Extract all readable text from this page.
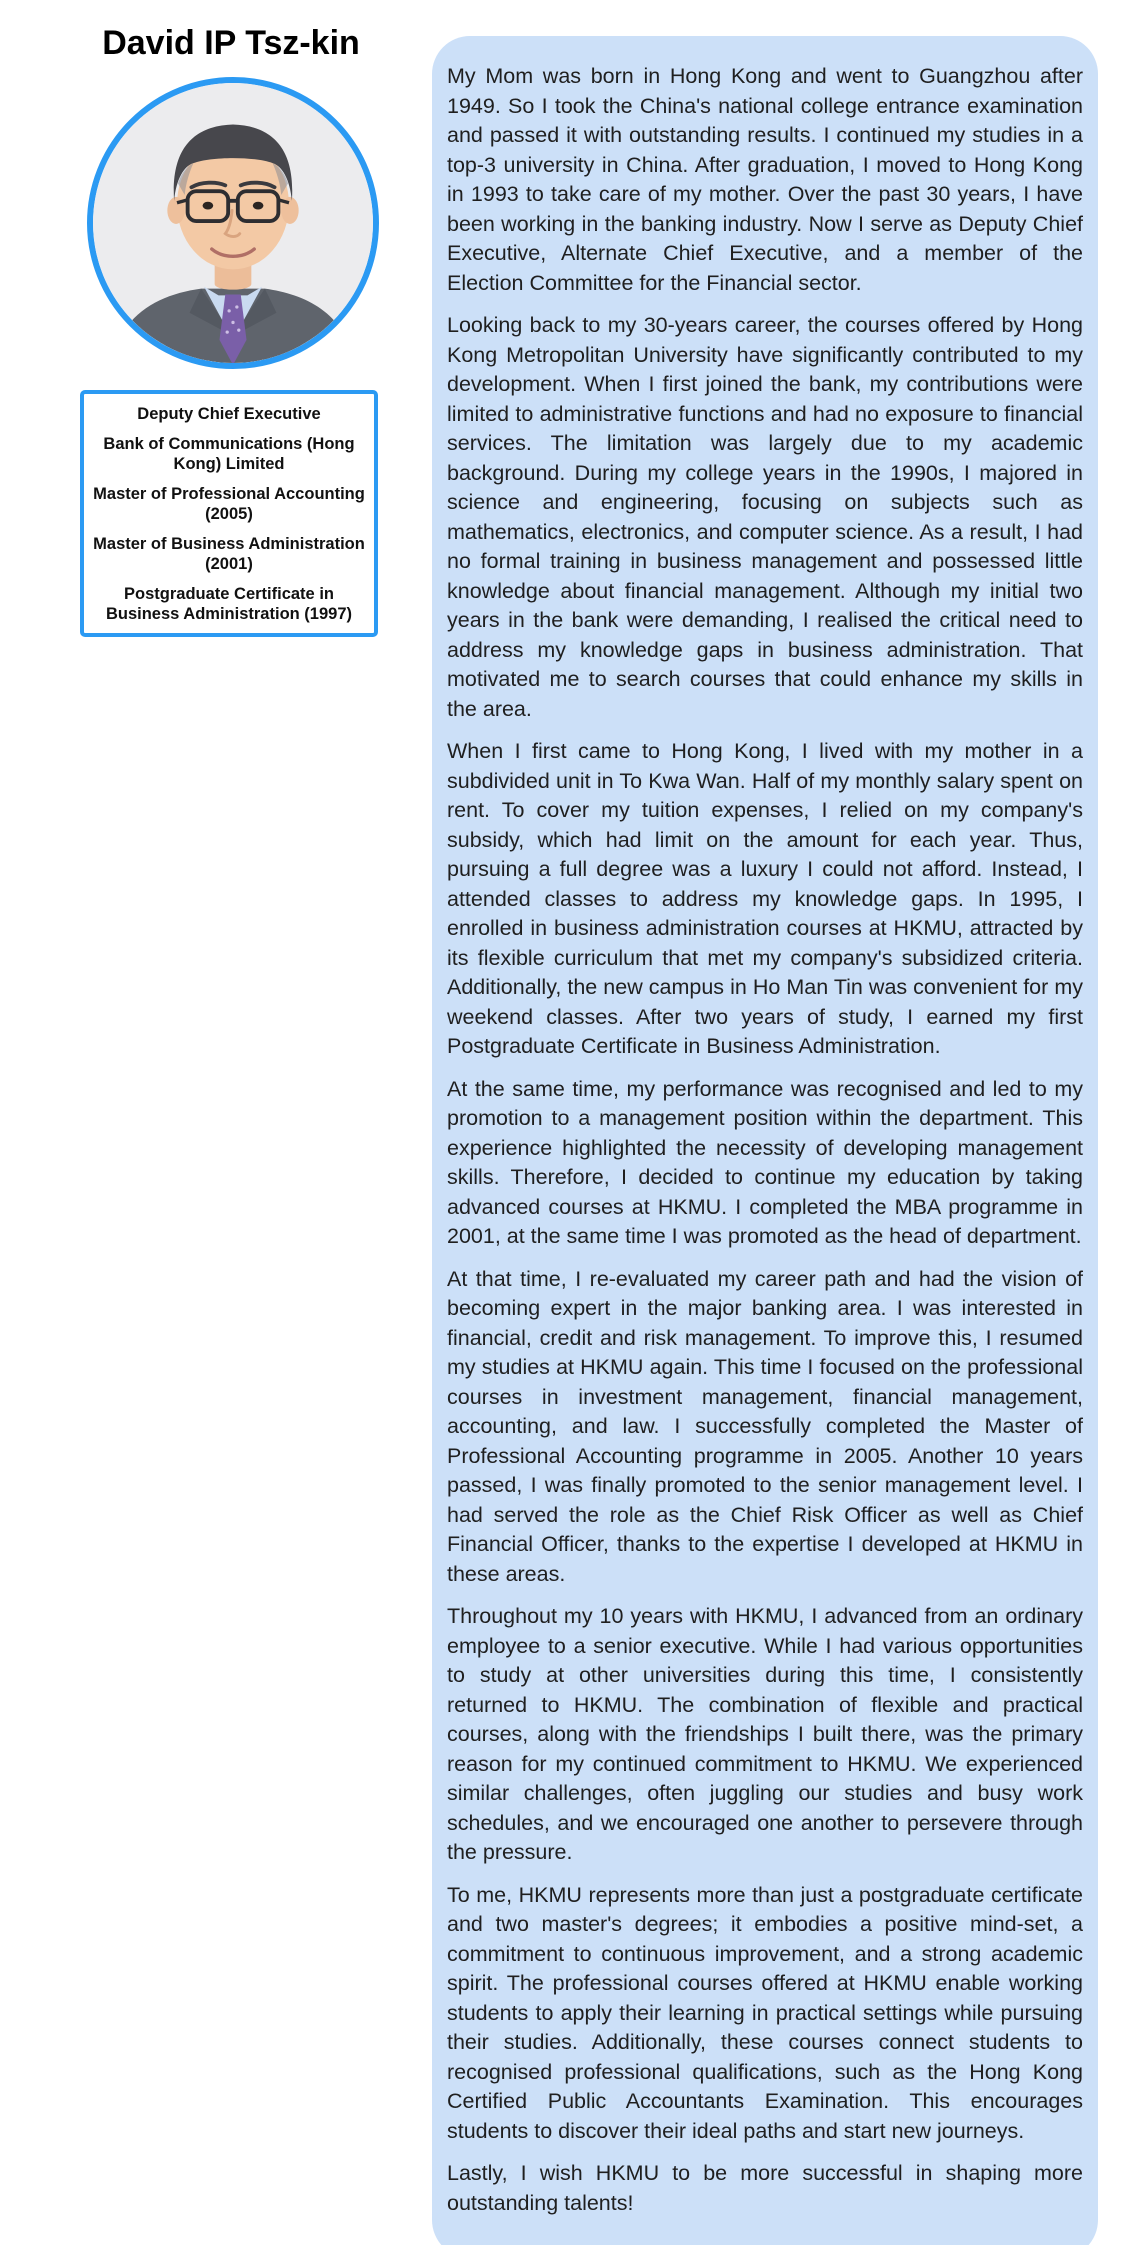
David IP Tsz-kin
Deputy Chief Executive
Bank of Communications (Hong Kong) Limited
Master of Professional Accounting (2005)
Master of Business Administration (2001)
Postgraduate Certificate in Business Administration (1997)

My Mom was born in Hong Kong and went to Guangzhou after 1949. So I took the China's national college entrance examination and passed it with outstanding results. I continued my studies in a top-3 university in China. After graduation, I moved to Hong Kong in 1993 to take care of my mother. Over the past 30 years, I have been working in the banking industry. Now I serve as Deputy Chief Executive, Alternate Chief Executive, and a member of the Election Committee for the Financial sector.

Looking back to my 30-years career, the courses offered by Hong Kong Metropolitan University have significantly contributed to my development. When I first joined the bank, my contributions were limited to administrative functions and had no exposure to financial services. The limitation was largely due to my academic background. During my college years in the 1990s, I majored in science and engineering, focusing on subjects such as mathematics, electronics, and computer science. As a result, I had no formal training in business management and possessed little knowledge about financial management. Although my initial two years in the bank were demanding, I realised the critical need to address my knowledge gaps in business administration. That motivated me to search courses that could enhance my skills in the area.

When I first came to Hong Kong, I lived with my mother in a subdivided unit in To Kwa Wan. Half of my monthly salary spent on rent. To cover my tuition expenses, I relied on my company's subsidy, which had limit on the amount for each year. Thus, pursuing a full degree was a luxury I could not afford. Instead, I attended classes to address my knowledge gaps. In 1995, I enrolled in business administration courses at HKMU, attracted by its flexible curriculum that met my company's subsidized criteria. Additionally, the new campus in Ho Man Tin was convenient for my weekend classes. After two years of study, I earned my first Postgraduate Certificate in Business Administration.

At the same time, my performance was recognised and led to my promotion to a management position within the department. This experience highlighted the necessity of developing management skills. Therefore, I decided to continue my education by taking advanced courses at HKMU. I completed the MBA programme in 2001, at the same time I was promoted as the head of department.

At that time, I re-evaluated my career path and had the vision of becoming expert in the major banking area. I was interested in financial, credit and risk management. To improve this, I resumed my studies at HKMU again. This time I focused on the professional courses in investment management, financial management, accounting, and law. I successfully completed the Master of Professional Accounting programme in 2005. Another 10 years passed, I was finally promoted to the senior management level. I had served the role as the Chief Risk Officer as well as Chief Financial Officer, thanks to the expertise I developed at HKMU in these areas.

Throughout my 10 years with HKMU, I advanced from an ordinary employee to a senior executive. While I had various opportunities to study at other universities during this time, I consistently returned to HKMU. The combination of flexible and practical courses, along with the friendships I built there, was the primary reason for my continued commitment to HKMU. We experienced similar challenges, often juggling our studies and busy work schedules, and we encouraged one another to persevere through the pressure.

To me, HKMU represents more than just a postgraduate certificate and two master's degrees; it embodies a positive mind-set, a commitment to continuous improvement, and a strong academic spirit. The professional courses offered at HKMU enable working students to apply their learning in practical settings while pursuing their studies. Additionally, these courses connect students to recognised professional qualifications, such as the Hong Kong Certified Public Accountants Examination. This encourages students to discover their ideal paths and start new journeys.

Lastly, I wish HKMU to be more successful in shaping more outstanding talents!
